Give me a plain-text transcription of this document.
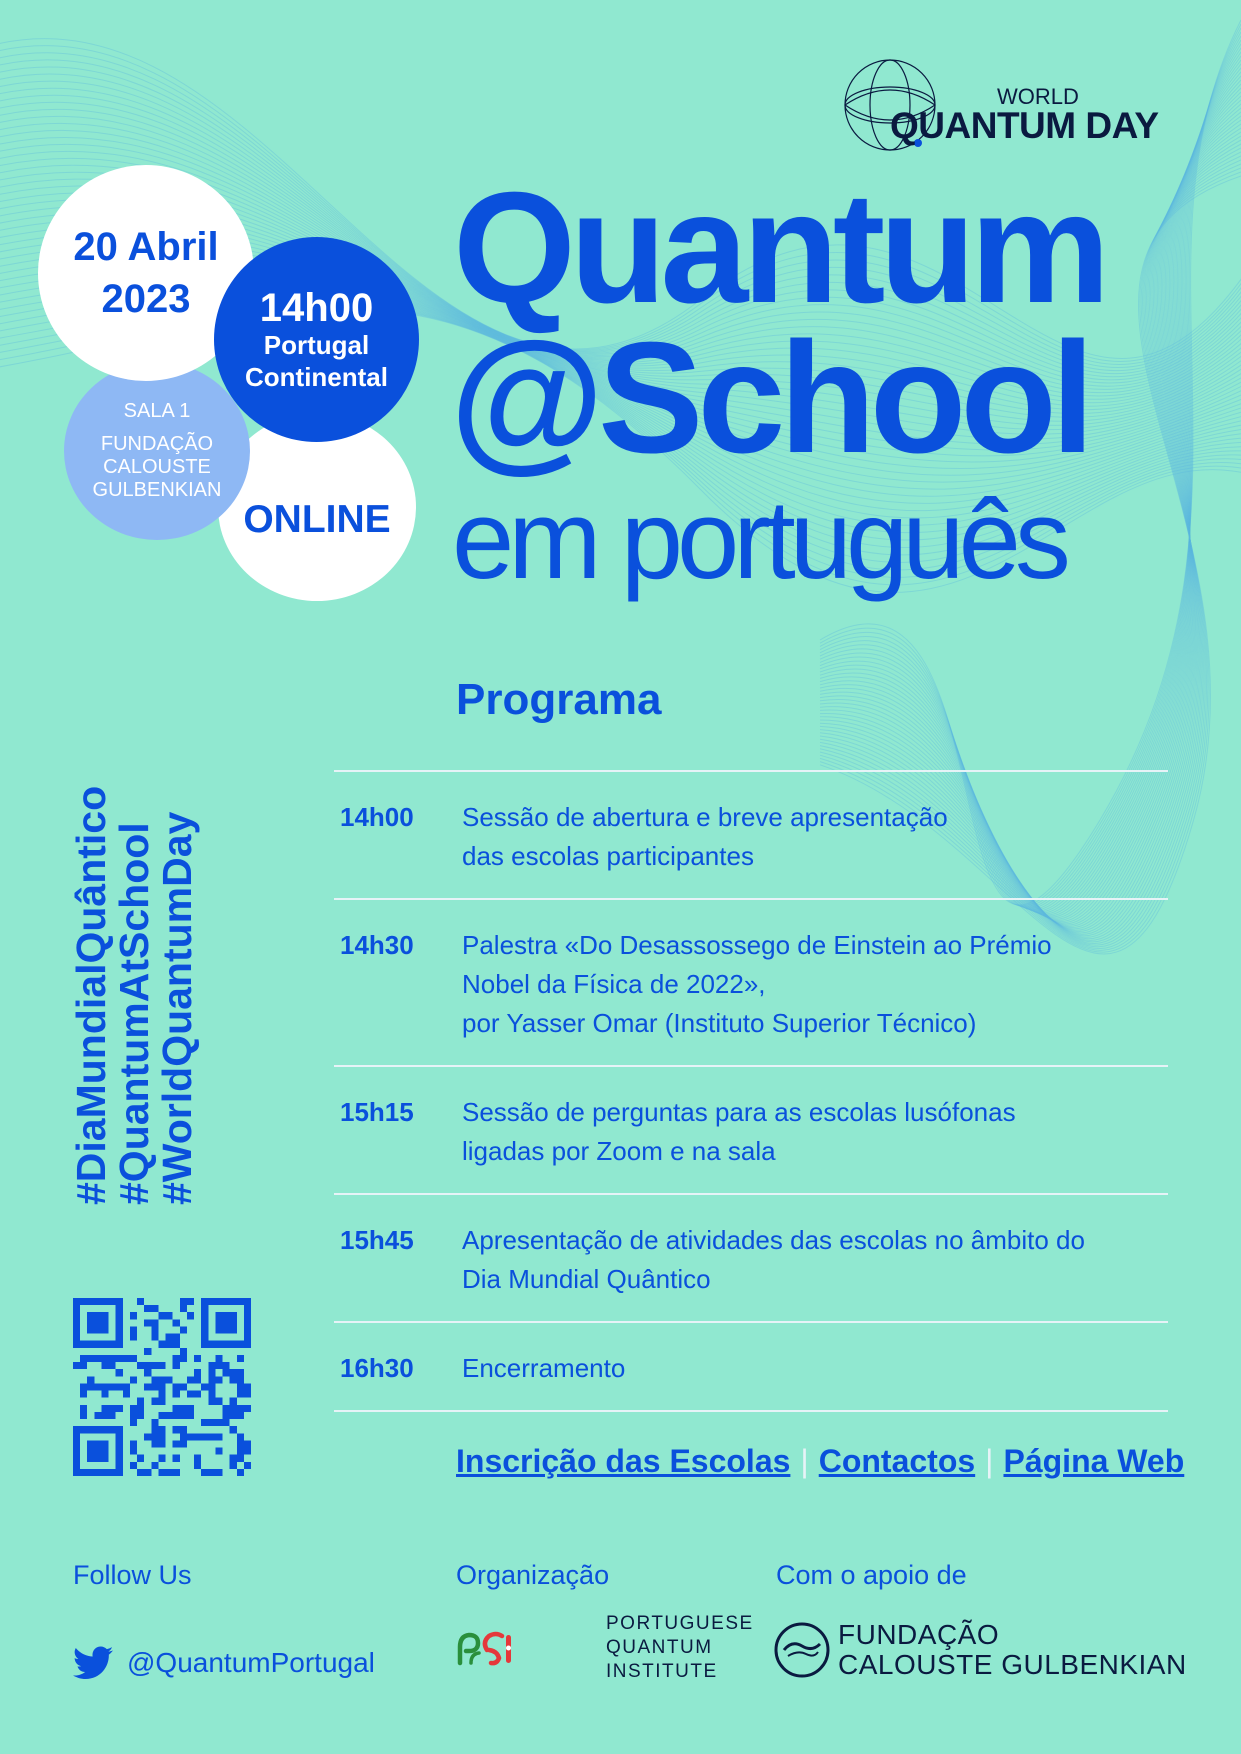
WORLD
QUANTUM DAY
ONLINE
SALA 1
FUNDAÇÃO
CALOUSTE
GULBENKIAN
20 Abril
2023 14h00
Portugal
Continental
Quantum
@School
em português
Programa
14h00	Sessão de abertura e breve apresentação
das escolas participantes
14h30	Palestra «Do Desassossego de Einstein ao Prémio
Nobel da Física de 2022»,
por Yasser Omar (Instituto Superior Técnico)
15h15	Sessão de perguntas para as escolas lusófonas
ligadas por Zoom e na sala
15h45	Apresentação de atividades das escolas no âmbito do
Dia Mundial Quântico
16h30	Encerramento
#DiaMundialQuântico
#QuantumAtSchool
#WorldQuantumDay
Inscrição das Escolas | Contactos | Página Web
Follow Us
@QuantumPortugal
Organização
PORTUGUESE
QUANTUM
INSTITUTE
Com o apoio de
FUNDAÇÃO
CALOUSTE GULBENKIAN
